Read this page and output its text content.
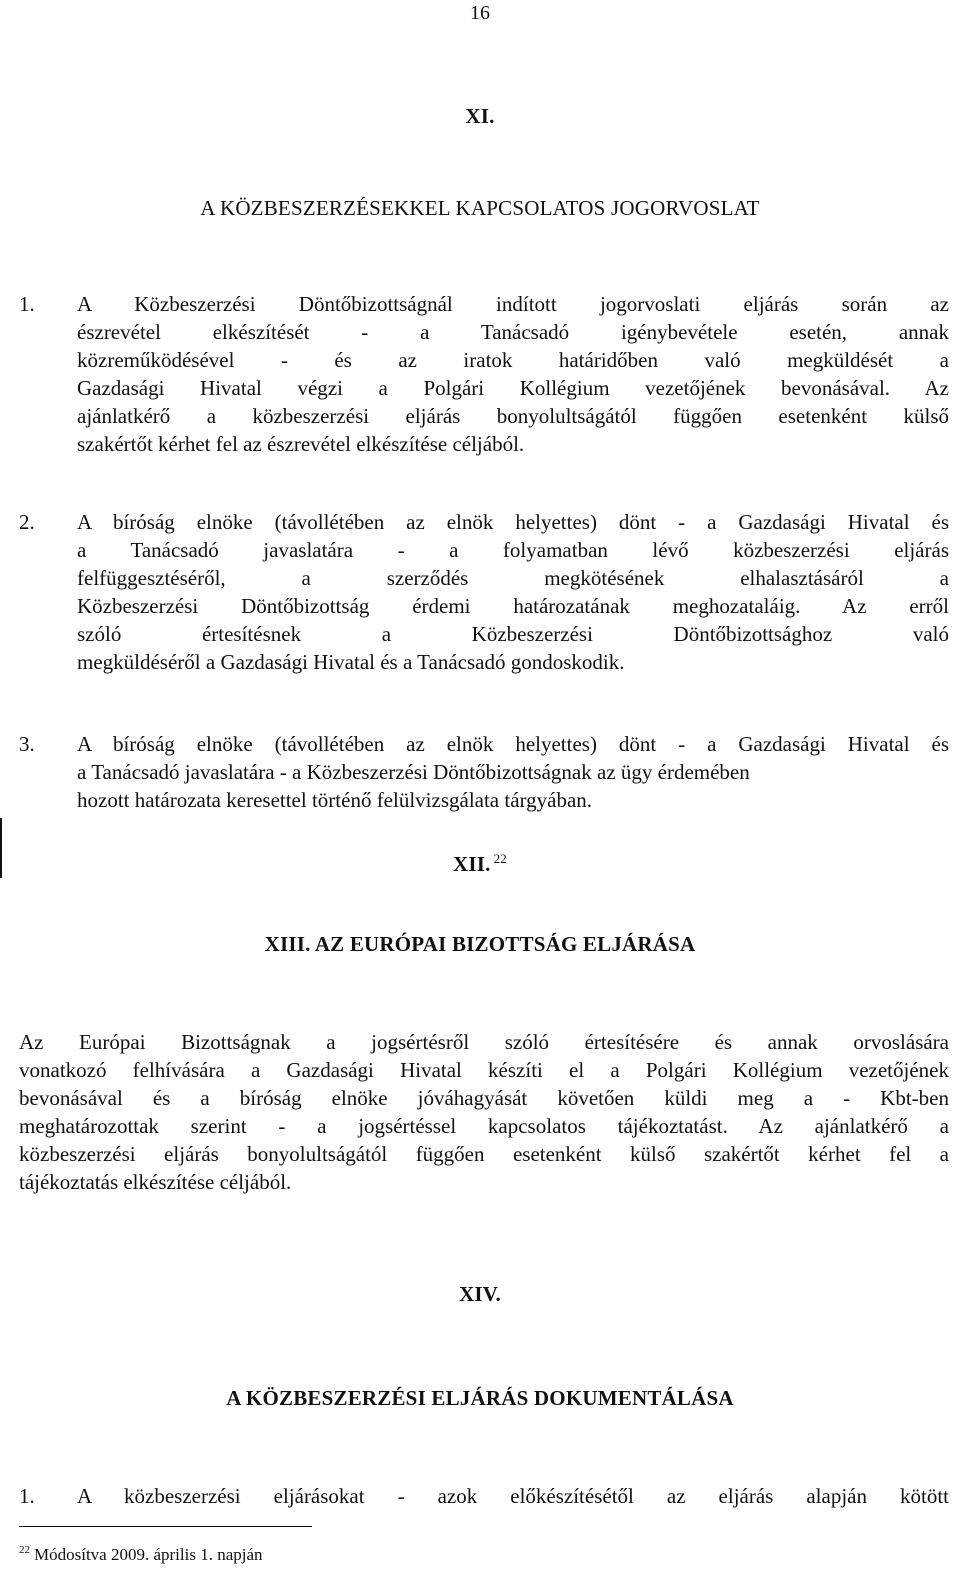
16
XI.
A KÖZBESZERZÉSEKKEL KAPCSOLATOS JOGORVOSLAT
1. A Közbeszerzési Döntőbizottságnál indított jogorvoslati eljárás során az
észrevétel elkészítését - a Tanácsadó igénybevétele esetén, annak
közreműködésével - és az iratok határidőben való megküldését a
Gazdasági Hivatal végzi a Polgári Kollégium vezetőjének bevonásával. Az
ajánlatkérő a közbeszerzési eljárás bonyolultságától függően esetenként külső
szakértőt kérhet fel az észrevétel elkészítése céljából.
2. A bíróság elnöke (távollétében az elnök helyettes) dönt - a Gazdasági Hivatal és
a Tanácsadó javaslatára - a folyamatban lévő közbeszerzési eljárás
felfüggesztéséről, a szerződés megkötésének elhalasztásáról a
Közbeszerzési Döntőbizottság érdemi határozatának meghozataláig. Az erről
szóló értesítésnek a Közbeszerzési Döntőbizottsághoz való
megküldéséről a Gazdasági Hivatal és a Tanácsadó gondoskodik.
3. A bíróság elnöke (távollétében az elnök helyettes) dönt - a Gazdasági Hivatal és
a Tanácsadó javaslatára - a Közbeszerzési Döntőbizottságnak az ügy érdemében
hozott határozata keresettel történő felülvizsgálata tárgyában.
XII. $^{22}$
XIII. AZ EURÓPAI BIZOTTSÁG ELJÁRÁSA
Az Európai Bizottságnak a jogsértésről szóló értesítésére és annak orvoslására
vonatkozó felhívására a Gazdasági Hivatal készíti el a Polgári Kollégium vezetőjének
bevonásával és a bíróság elnöke jóváhagyását követően küldi meg a - Kbt-ben
meghatározottak szerint - a jogsértéssel kapcsolatos tájékoztatást. Az ajánlatkérő a
közbeszerzési eljárás bonyolultságától függően esetenként külső szakértőt kérhet fel a
tájékoztatás elkészítése céljából.
XIV.
A KÖZBESZERZÉSI ELJÁRÁS DOKUMENTÁLÁSA
1. A közbeszerzési eljárásokat - azok előkészítésétől az eljárás alapján kötött
$^{22}$ Módosítva 2009. április 1. napján
